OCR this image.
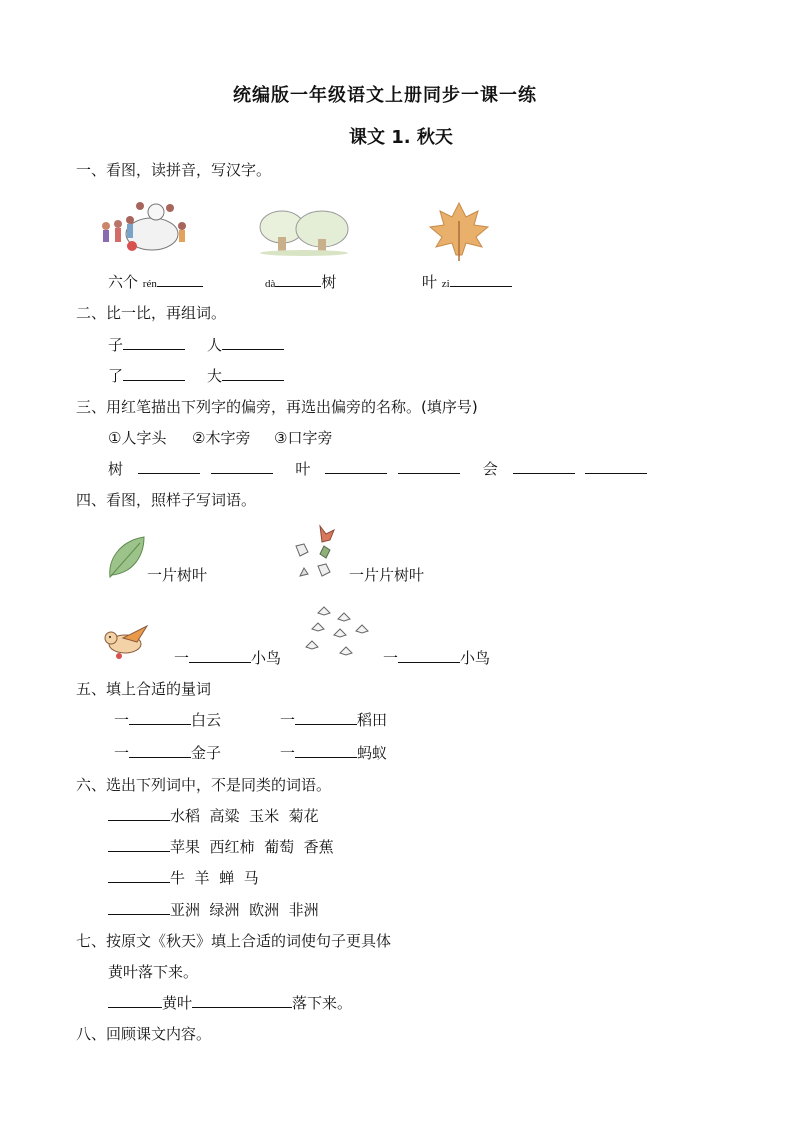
统编版一年级语文上册同步一课一练
课文 1. 秋天
一、看图，读拼音，写汉字。
六个 rén	dà	树	叶 zi
二、比一比，再组词。
子	人
了	大
三、用红笔描出下列字的偏旁，再选出偏旁的名称。(填序号)
①人字头 ②木字旁 ③口字旁
树	叶	会
四、看图，照样子写词语。
一片树叶	一片片树叶
一	小鸟	一	小鸟
五、填上合适的量词
一	白云	一	稻田
一	金子	一	蚂蚁
六、选出下列词中，不是同类的词语。
水稻  高粱  玉米  菊花
苹果  西红柿  葡萄  香蕉
牛  羊  蝉  马
亚洲  绿洲  欧洲  非洲
七、按原文《秋天》填上合适的词使句子更具体
黄叶落下来。
黄叶	落下来。
八、回顾课文内容。
